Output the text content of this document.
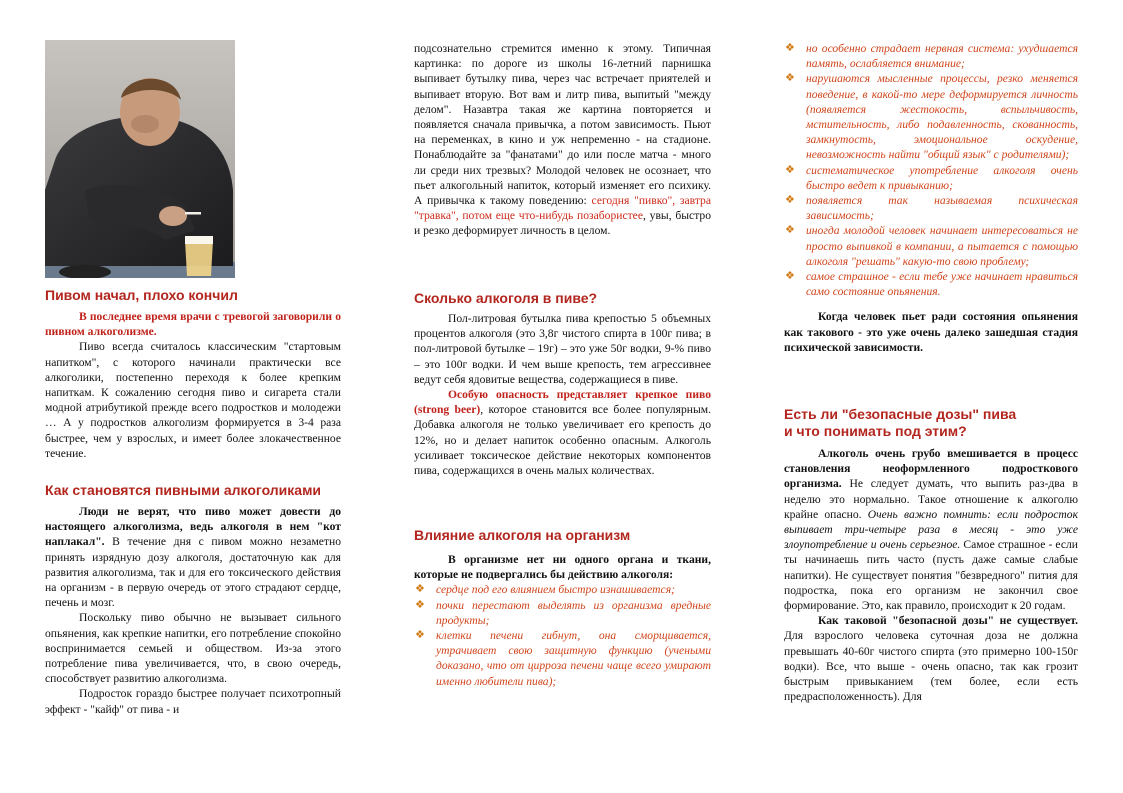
Пивом начал, плохо кончил

В последнее время врачи с тревогой заговорили о пивном алкоголизме.

Пиво всегда считалось классическим "стартовым напитком", с которого начинали практически все алкоголики, постепенно переходя к более крепким напиткам. К сожалению сегодня пиво и сигарета стали модной атрибутикой прежде всего подростков и молодежи … А у подростков алкоголизм формируется в 3-4 раза быстрее, чем у взрослых, и имеет более злокачественное течение.

Как становятся пивными алкоголиками

Люди не верят, что пиво может довести до настоящего алкоголизма, ведь алкоголя в нем "кот наплакал". В течение дня с пивом можно незаметно принять изрядную дозу алкоголя, достаточную как для развития алкоголизма, так и для его токсического действия на организм - в первую очередь от этого страдают сердце, печень и мозг.

Поскольку пиво обычно не вызывает сильного опьянения, как крепкие напитки, его потребление спокойно воспринимается семьей и обществом. Из-за этого потребление пива увеличивается, что, в свою очередь, способствует развитию алкоголизма.

Подросток гораздо быстрее получает психотропный эффект - "кайф" от пива - и

подсознательно стремится именно к этому. Типичная картинка: по дороге из школы 16-летний парнишка выпивает бутылку пива, через час встречает приятелей и выпивает вторую. Вот вам и литр пива, выпитый "между делом". Назавтра такая же картина повторяется и появляется сначала привычка, а потом зависимость. Пьют на переменках, в кино и уж непременно - на стадионе. Понаблюдайте за "фанатами" до или после матча - много ли среди них трезвых? Молодой человек не осознает, что пьет алкогольный напиток, который изменяет его психику. А привычка к такому поведению: сегодня "пивко", завтра "травка", потом еще что-нибудь позабористее, увы, быстро и резко деформирует личность в целом.

Сколько алкоголя в пиве?

Пол-литровая бутылка пива крепостью 5 объемных процентов алкоголя (это 3,8г чистого спирта в 100г пива; в пол-литровой бутылке – 19г) – это уже 50г водки, 9-% пиво – это 100г водки. И чем выше крепость, тем агрессивнее ведут себя ядовитые вещества, содержащиеся в пиве.

Особую опасность представляет крепкое пиво (strong beer), которое становится все более популярным. Добавка алкоголя не только увеличивает его крепость до 12%, но и делает напиток особенно опасным. Алкоголь усиливает токсическое действие некоторых компонентов пива, содержащихся в очень малых количествах.

Влияние алкоголя на организм

В организме нет ни одного органа и ткани, которые не подвергались бы действию алкоголя:

❖ сердце под его влиянием быстро изнашивается;
❖ почки перестают выделять из организма вредные продукты;
❖ клетки печени гибнут, она сморщивается, утрачивает свою защитную функцию (учеными доказано, что от цирроза печени чаще всего умирают именно любители пива);
❖ но особенно страдает нервная система: ухудшается память, ослабляется внимание;
❖ нарушаются мысленные процессы, резко меняется поведение, в какой-то мере деформируется личность (появляется жестокость, вспыльчивость, мстительность, либо подавленность, скованность, замкнутость, эмоциональное оскудение, невозможность найти "общий язык" с родителями);
❖ систематическое употребление алкоголя очень быстро ведет к привыканию;
❖ появляется так называемая психическая зависимость;
❖ иногда молодой человек начинает интересоваться не просто выпивкой в компании, а пытается с помощью алкоголя "решать" какую-то свою проблему;
❖ самое страшное - если тебе уже начинает нравиться само состояние опьянения.

Когда человек пьет ради состояния опьянения как такового - это уже очень далеко зашедшая стадия психической зависимости.

Есть ли "безопасные дозы" пива
и что понимать под этим?

Алкоголь очень грубо вмешивается в процесс становления неоформленного подросткового организма. Не следует думать, что выпить раз-два в неделю это нормально. Такое отношение к алкоголю крайне опасно. Очень важно помнить: если подросток выпивает три-четыре раза в месяц - это уже злоупотребление и очень серьезное. Самое страшное - если ты начинаешь пить часто (пусть даже самые слабые напитки). Не существует понятия "безвредного" пития для подростка, пока его организм не закончил свое формирование. Это, как правило, происходит к 20 годам.

Как таковой "безопасной дозы" не существует. Для взрослого человека суточная доза не должна превышать 40-60г чистого спирта (это примерно 100-150г водки). Все, что выше - очень опасно, так как грозит быстрым привыканием (тем более, если есть предрасположенность). Для
